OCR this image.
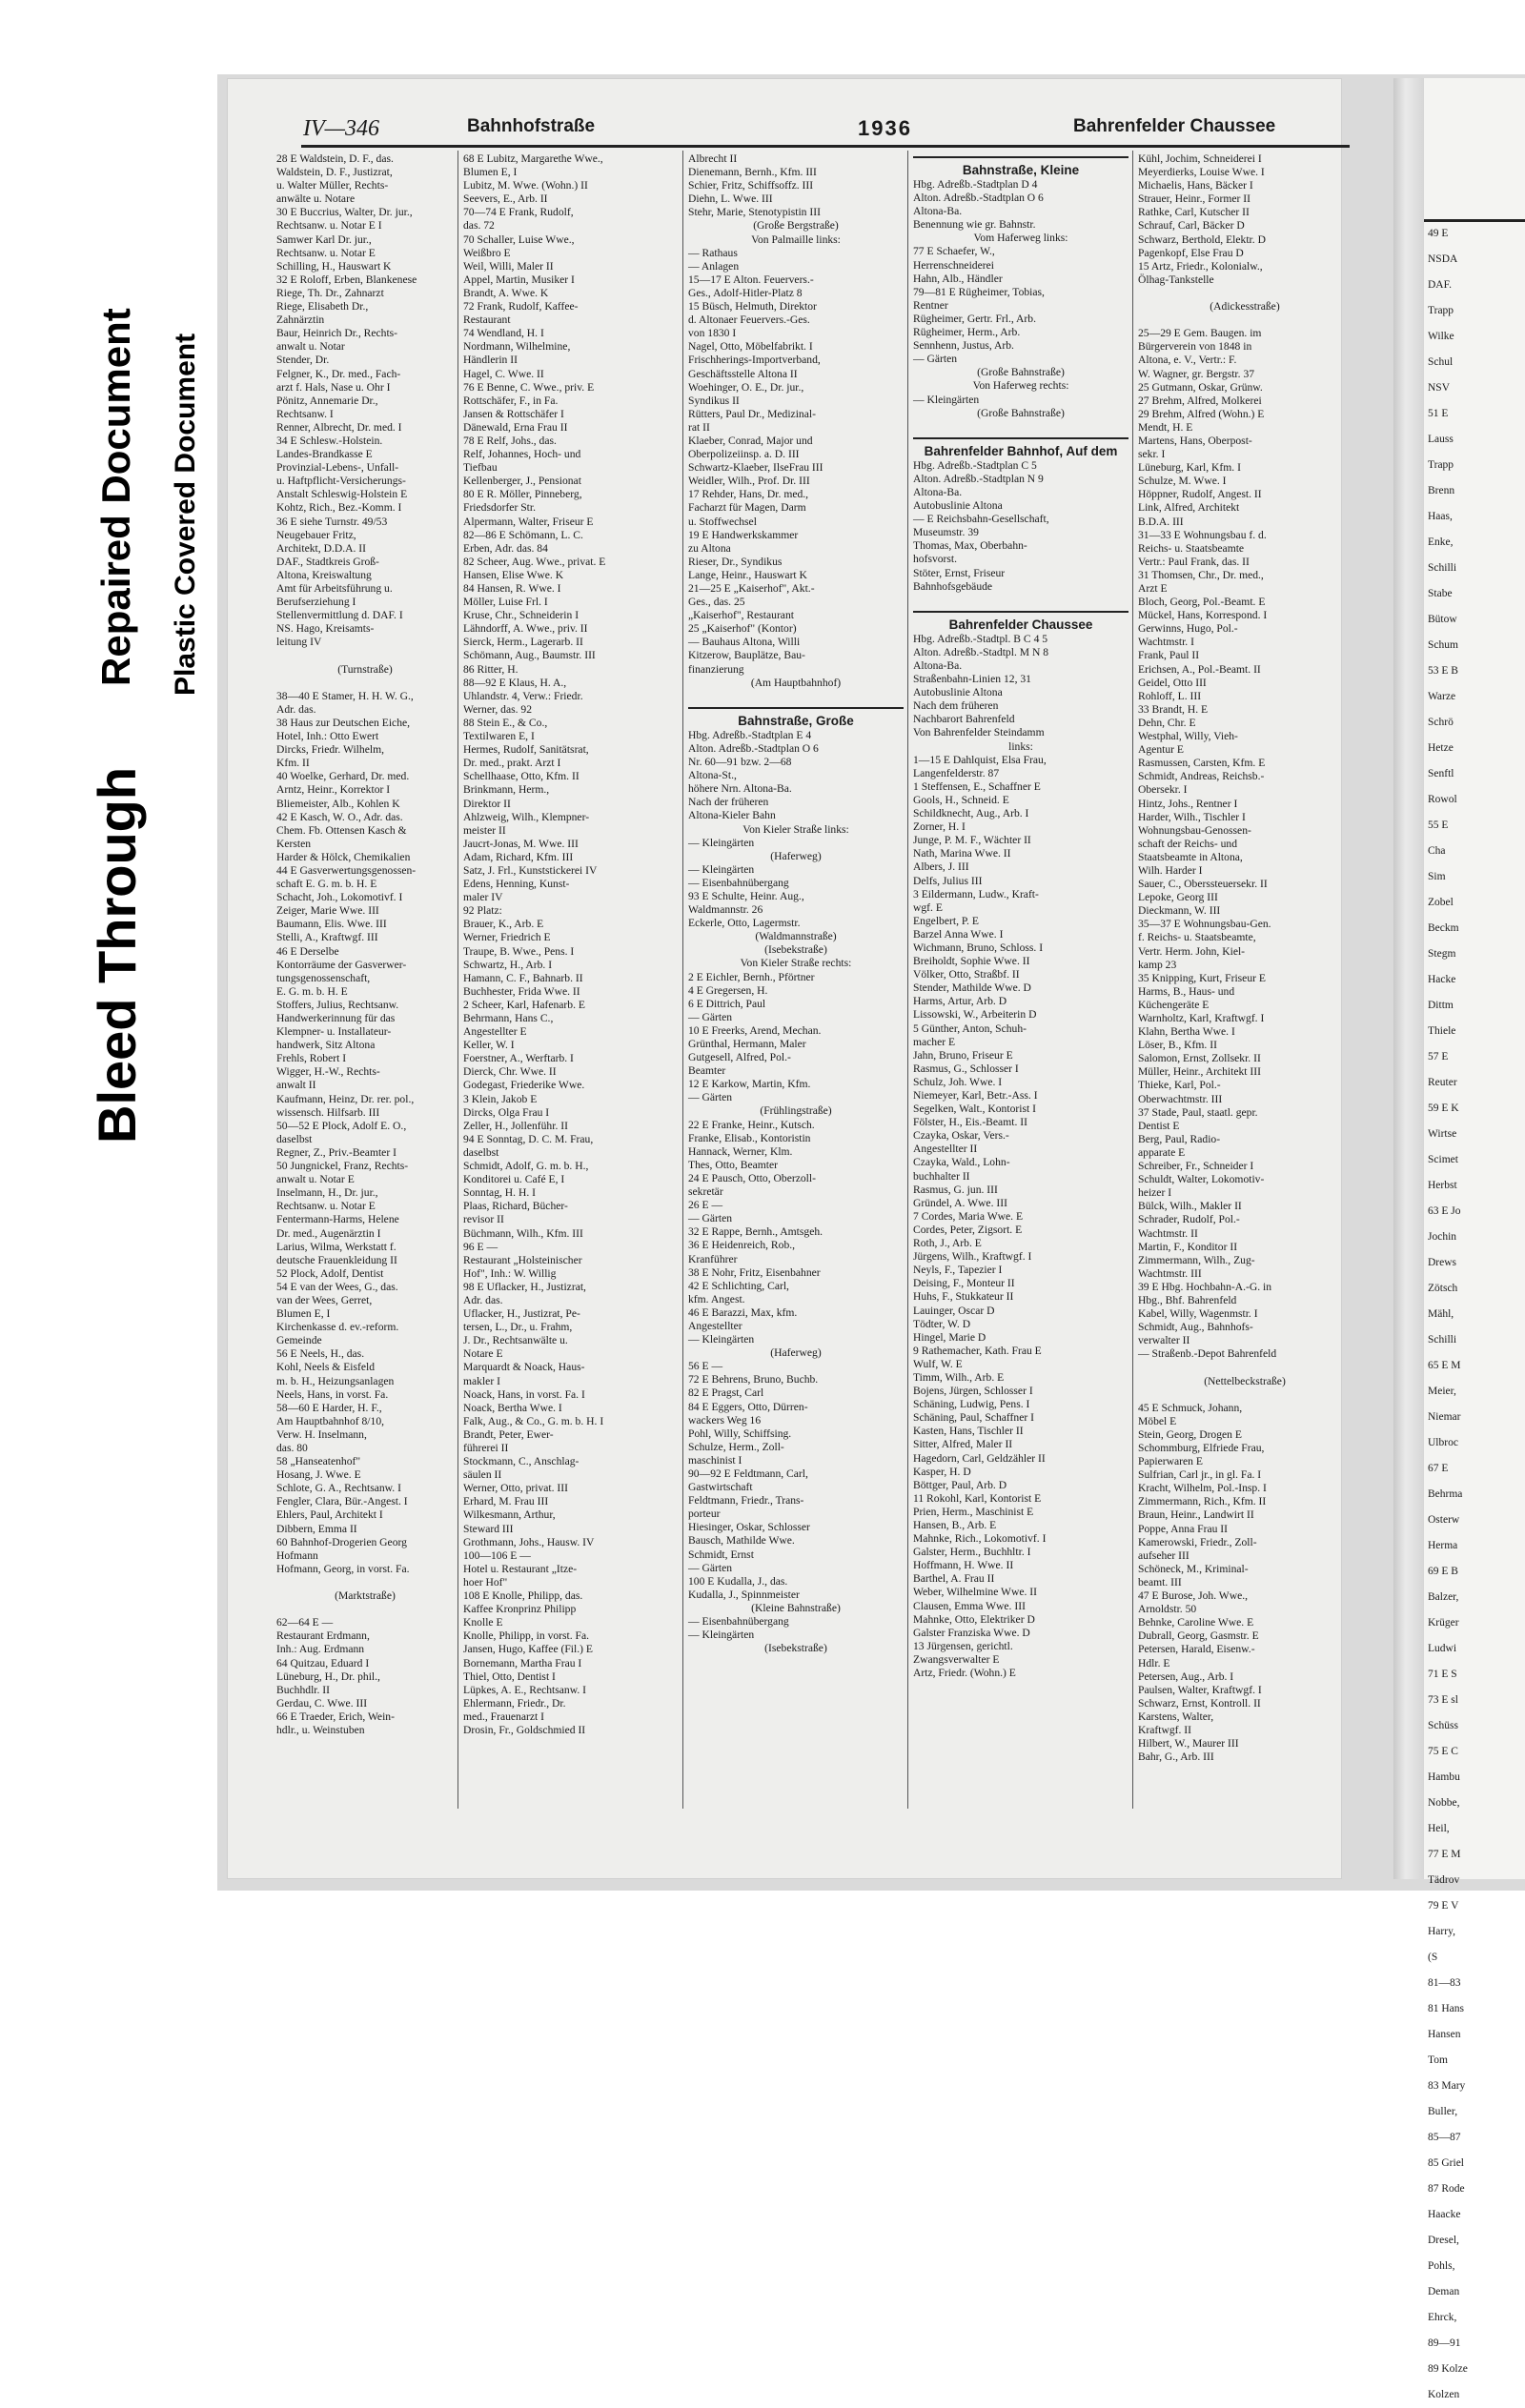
Bleed Through
Repaired Document Plastic Covered Document
49 E
NSDA
DAF.
Trapp
Wilke
Schul
NSV
51 E
Lauss
Trapp
Brenn
Haas,
Enke,
Schilli
Stabe
Bütow
Schum
53 E B
Warze
Schrö
Hetze
Senftl
Rowol
55 E
Cha
Sim
Zobel
Beckm
Stegm
Hacke
Dittm
Thiele
57 E
Reuter
59 E K
Wirtse
Scimet
Herbst
63 E Jo
Jochin
Drews
Zötsch
Mähl,
Schilli
65 E M
Meier,
Niemar
Ulbroc
67 E
Behrma
Osterw
Herma
69 E B
Balzer,
Krüger
Ludwi
71 E S
73 E sl
Schüss
75 E C
Hambu
Nobbe,
Heil,
77 E M
Tädrov
79 E V
Harry,
(S
81—83
81 Hans
Hansen
Tom
83 Mary
Buller,
85—87
85 Griel
87 Rode
Haacke
Dresel,
Pohls,
Deman
Ehrck,
89—91
89 Kolze
Kolzen
IV—346	Bahnhofstraße	1936	Bahrenfelder Chaussee
28 E Waldstein, D. F., das.
Waldstein, D. F., Justizrat,
u. Walter Müller, Rechts-
anwälte u. Notare
30 E Buccrius, Walter, Dr. jur.,
Rechtsanw. u. Notar E I
Samwer Karl Dr. jur.,
Rechtsanw. u. Notar E
Schilling, H., Hauswart K
32 E Roloff, Erben, Blankenese
Riege, Th. Dr., Zahnarzt
Riege, Elisabeth Dr.,
Zahnärztin
Baur, Heinrich Dr., Rechts-
anwalt u. Notar
Stender, Dr.
Felgner, K., Dr. med., Fach-
arzt f. Hals, Nase u. Ohr I
Pönitz, Annemarie Dr.,
Rechtsanw. I
Renner, Albrecht, Dr. med. I
34 E Schlesw.-Holstein.
Landes-Brandkasse E
Provinzial-Lebens-, Unfall-
u. Haftpflicht-Versicherungs-
Anstalt Schleswig-Holstein E
Kohtz, Rich., Bez.-Komm. I
36 E siehe Turnstr. 49/53
Neugebauer Fritz,
Architekt, D.D.A. II
DAF., Stadtkreis Groß-
Altona, Kreiswaltung
Amt für Arbeitsführung u.
Berufserziehung I
Stellenvermittlung d. DAF. I
NS. Hago, Kreisamts-
leitung IV

(Turnstraße)

38—40 E Stamer, H. H. W. G.,
Adr. das.
38 Haus zur Deutschen Eiche,
Hotel, Inh.: Otto Ewert
Dircks, Friedr. Wilhelm,
Kfm. II
40 Woelke, Gerhard, Dr. med.
Arntz, Heinr., Korrektor I
Bliemeister, Alb., Kohlen K
42 E Kasch, W. O., Adr. das.
Chem. Fb. Ottensen Kasch &
Kersten
Harder & Hölck, Chemikalien
44 E Gasverwertungsgenossen-
schaft E. G. m. b. H. E
Schacht, Joh., Lokomotivf. I
Zeiger, Marie Wwe. III
Baumann, Elis. Wwe. III
Stelli, A., Kraftwgf. III
46 E Derselbe
Kontorräume der Gasverwer-
tungsgenossenschaft,
E. G. m. b. H. E
Stoffers, Julius, Rechtsanw.
Handwerkerinnung für das
Klempner- u. Installateur-
handwerk, Sitz Altona
Frehls, Robert I
Wigger, H.-W., Rechts-
anwalt II
Kaufmann, Heinz, Dr. rer. pol.,
wissensch. Hilfsarb. III
50—52 E Plock, Adolf E. O.,
daselbst
Regner, Z., Priv.-Beamter I
50 Jungnickel, Franz, Rechts-
anwalt u. Notar E
Inselmann, H., Dr. jur.,
Rechtsanw. u. Notar E
Fentermann-Harms, Helene
Dr. med., Augenärztin I
Larius, Wilma, Werkstatt f.
deutsche Frauenkleidung II
52 Plock, Adolf, Dentist
54 E van der Wees, G., das.
van der Wees, Gerret,
Blumen E, I
Kirchenkasse d. ev.-reform.
Gemeinde
56 E Neels, H., das.
Kohl, Neels & Eisfeld
m. b. H., Heizungsanlagen
Neels, Hans, in vorst. Fa.
58—60 E Harder, H. F.,
Am Hauptbahnhof 8/10,
Verw. H. Inselmann,
das. 80
58 „Hanseatenhof"
Hosang, J. Wwe. E
Schlote, G. A., Rechtsanw. I
Fengler, Clara, Bür.-Angest. I
Ehlers, Paul, Architekt I
Dibbern, Emma II
60 Bahnhof-Drogerien Georg
Hofmann
Hofmann, Georg, in vorst. Fa.

(Marktstraße)

62—64 E —
Restaurant Erdmann,
Inh.: Aug. Erdmann
64 Quitzau, Eduard I
Lüneburg, H., Dr. phil.,
Buchhdlr. II
Gerdau, C. Wwe. III
66 E Traeder, Erich, Wein-
hdlr., u. Weinstuben
68 E Lubitz, Margarethe Wwe.,
Blumen E, I
Lubitz, M. Wwe. (Wohn.) II
Seevers, E., Arb. II
70—74 E Frank, Rudolf,
das. 72
70 Schaller, Luise Wwe.,
Weißbro E
Weil, Willi, Maler II
Appel, Martin, Musiker I
Brandt, A. Wwe. K
72 Frank, Rudolf, Kaffee-
Restaurant
74 Wendland, H. I
Nordmann, Wilhelmine,
Händlerin II
Hagel, C. Wwe. II
76 E Benne, C. Wwe., priv. E
Rottschäfer, F., in Fa.
Jansen & Rottschäfer I
Dänewald, Erna Frau II
78 E Relf, Johs., das.
Relf, Johannes, Hoch- und
Tiefbau
Kellenberger, J., Pensionat
80 E R. Möller, Pinneberg,
Friedsdorfer Str.
Alpermann, Walter, Friseur E
82—86 E Schömann, L. C.
Erben, Adr. das. 84
82 Scheer, Aug. Wwe., privat. E
Hansen, Elise Wwe. K
84 Hansen, R. Wwe. I
Möller, Luise Frl. I
Kruse, Chr., Schneiderin I
Lähndorff, A. Wwe., priv. II
Sierck, Herm., Lagerarb. II
Schömann, Aug., Baumstr. III
86 Ritter, H.
88—92 E Klaus, H. A.,
Uhlandstr. 4, Verw.: Friedr.
Werner, das. 92
88 Stein E., & Co.,
Textilwaren E, I
Hermes, Rudolf, Sanitätsrat,
Dr. med., prakt. Arzt I
Schellhaase, Otto, Kfm. II
Brinkmann, Herm.,
Direktor II
Ahlzweig, Wilh., Klempner-
meister II
Jaucrt-Jonas, M. Wwe. III
Adam, Richard, Kfm. III
Satz, J. Frl., Kunststickerei IV
Edens, Henning, Kunst-
maler IV
92 Platz:
Brauer, K., Arb. E
Werner, Friedrich E
Traupe, B. Wwe., Pens. I
Schwartz, H., Arb. I
Hamann, C. F., Bahnarb. II
Buchhester, Frida Wwe. II
2 Scheer, Karl, Hafenarb. E
Behrmann, Hans C.,
Angestellter E
Keller, W. I
Foerstner, A., Werftarb. I
Dierck, Chr. Wwe. II
Godegast, Friederike Wwe.
3 Klein, Jakob E
Dircks, Olga Frau I
Zeller, H., Jollenführ. II
94 E Sonntag, D. C. M. Frau,
daselbst
Schmidt, Adolf, G. m. b. H.,
Konditorei u. Café E, I
Sonntag, H. H. I
Plaas, Richard, Bücher-
revisor II
Büchmann, Wilh., Kfm. III
96 E —
Restaurant „Holsteinischer
Hof", Inh.: W. Willig
98 E Uflacker, H., Justizrat,
Adr. das.
Uflacker, H., Justizrat, Pe-
tersen, L., Dr., u. Frahm,
J. Dr., Rechtsanwälte u.
Notare E
Marquardt & Noack, Haus-
makler I
Noack, Hans, in vorst. Fa. I
Noack, Bertha Wwe. I
Falk, Aug., & Co., G. m. b. H. I
Brandt, Peter, Ewer-
führerei II
Stockmann, C., Anschlag-
säulen II
Werner, Otto, privat. III
Erhard, M. Frau III
Wilkesmann, Arthur,
Steward III
Grothmann, Johs., Hausw. IV
100—106 E —
Hotel u. Restaurant „Itze-
hoer Hof"
108 E Knolle, Philipp, das.
Kaffee Kronprinz Philipp
Knolle E
Knolle, Philipp, in vorst. Fa.
Jansen, Hugo, Kaffee (Fil.) E
Bornemann, Martha Frau I
Thiel, Otto, Dentist I
Lüpkes, A. E., Rechtsanw. I
Ehlermann, Friedr., Dr.
med., Frauenarzt I
Drosin, Fr., Goldschmied II
Albrecht II
Dienemann, Bernh., Kfm. III
Schier, Fritz, Schiffsoffz. III
Diehn, L. Wwe. III
Stehr, Marie, Stenotypistin III
(Große Bergstraße)
Von Palmaille links:
— Rathaus
— Anlagen
15—17 E Alton. Feuervers.-
Ges., Adolf-Hitler-Platz 8
15 Büsch, Helmuth, Direktor
d. Altonaer Feuervers.-Ges.
von 1830 I
Nagel, Otto, Möbelfabrikt. I
Frischherings-Importverband,
Geschäftsstelle Altona II
Woehinger, O. E., Dr. jur.,
Syndikus II
Rütters, Paul Dr., Medizinal-
rat II
Klaeber, Conrad, Major und
Oberpolizeiinsp. a. D. III
Schwartz-Klaeber, IlseFrau III
Weidler, Wilh., Prof. Dr. III
17 Rehder, Hans, Dr. med.,
Facharzt für Magen, Darm
u. Stoffwechsel
19 E Handwerkskammer
zu Altona
Rieser, Dr., Syndikus
Lange, Heinr., Hauswart K
21—25 E „Kaiserhof", Akt.-
Ges., das. 25
„Kaiserhof", Restaurant
25 „Kaiserhof" (Kontor)
— Bauhaus Altona, Willi
Kitzerow, Bauplätze, Bau-
finanzierung
(Am Hauptbahnhof)

Bahnstraße, Große
Hbg. Adreßb.-Stadtplan E 4
Alton. Adreßb.-Stadtplan O 6
Nr. 60—91 bzw. 2—68
Altona-St.,
höhere Nrn. Altona-Ba.
Nach der früheren
Altona-Kieler Bahn
Von Kieler Straße links:
— Kleingärten
(Haferweg)
— Kleingärten
— Eisenbahnübergang
93 E Schulte, Heinr. Aug.,
Waldmannstr. 26
Eckerle, Otto, Lagermstr.
(Waldmannstraße)
(Isebekstraße)
Von Kieler Straße rechts:
2 E Eichler, Bernh., Pförtner
4 E Gregersen, H.
6 E Dittrich, Paul
— Gärten
10 E Freerks, Arend, Mechan.
Grünthal, Hermann, Maler
Gutgesell, Alfred, Pol.-
Beamter
12 E Karkow, Martin, Kfm.
— Gärten
(Frühlingstraße)
22 E Franke, Heinr., Kutsch.
Franke, Elisab., Kontoristin
Hannack, Werner, Klm.
Thes, Otto, Beamter
24 E Pausch, Otto, Oberzoll-
sekretär
26 E —
— Gärten
32 E Rappe, Bernh., Amtsgeh.
36 E Heidenreich, Rob.,
Kranführer
38 E Nohr, Fritz, Eisenbahner
42 E Schlichting, Carl,
kfm. Angest.
46 E Barazzi, Max, kfm.
Angestellter
— Kleingärten
(Haferweg)
56 E —
72 E Behrens, Bruno, Buchb.
82 E Pragst, Carl
84 E Eggers, Otto, Dürren-
wackers Weg 16
Pohl, Willy, Schiffsing.
Schulze, Herm., Zoll-
maschinist I
90—92 E Feldtmann, Carl,
Gastwirtschaft
Feldtmann, Friedr., Trans-
porteur
Hiesinger, Oskar, Schlosser
Bausch, Mathilde Wwe.
Schmidt, Ernst
— Gärten
100 E Kudalla, J., das.
Kudalla, J., Spinnmeister
(Kleine Bahnstraße)
— Eisenbahnübergang
— Kleingärten
(Isebekstraße)
Bahnstraße, Kleine
Hbg. Adreßb.-Stadtplan D 4
Alton. Adreßb.-Stadtplan O 6
Altona-Ba.
Benennung wie gr. Bahnstr.
Vom Haferweg links:
77 E Schaefer, W.,
Herrenschneiderei
Hahn, Alb., Händler
79—81 E Rügheimer, Tobias,
Rentner
Rügheimer, Gertr. Frl., Arb.
Rügheimer, Herm., Arb.
Sennhenn, Justus, Arb.
— Gärten
(Große Bahnstraße)
Von Haferweg rechts:
— Kleingärten
(Große Bahnstraße)

Bahrenfelder Bahnhof, Auf dem
Hbg. Adreßb.-Stadtplan C 5
Alton. Adreßb.-Stadtplan N 9
Altona-Ba.
Autobuslinie Altona
— E Reichsbahn-Gesellschaft,
Museumstr. 39
Thomas, Max, Oberbahn-
hofsvorst.
Stöter, Ernst, Friseur
Bahnhofsgebäude

Bahrenfelder Chaussee
Hbg. Adreßb.-Stadtpl. B C 4 5
Alton. Adreßb.-Stadtpl. M N 8
Altona-Ba.
Straßenbahn-Linien 12, 31
Autobuslinie Altona
Nach dem früheren
Nachbarort Bahrenfeld
Von Bahrenfelder Steindamm
links:
1—15 E Dahlquist, Elsa Frau,
Langenfelderstr. 87
1 Steffensen, E., Schaffner E
Gools, H., Schneid. E
Schildknecht, Aug., Arb. I
Zorner, H. I
Junge, P. M. F., Wächter II
Nath, Marina Wwe. II
Albers, J. III
Delfs, Julius III
3 Eildermann, Ludw., Kraft-
wgf. E
Engelbert, P. E
Barzel Anna Wwe. I
Wichmann, Bruno, Schloss. I
Breiholdt, Sophie Wwe. II
Völker, Otto, Straßbf. II
Stender, Mathilde Wwe. D
Harms, Artur, Arb. D
Lissowski, W., Arbeiterin D
5 Günther, Anton, Schuh-
macher E
Jahn, Bruno, Friseur E
Rasmus, G., Schlosser I
Schulz, Joh. Wwe. I
Niemeyer, Karl, Betr.-Ass. I
Segelken, Walt., Kontorist I
Fölster, H., Eis.-Beamt. II
Czayka, Oskar, Vers.-
Angestellter II
Czayka, Wald., Lohn-
buchhalter II
Rasmus, G. jun. III
Gründel, A. Wwe. III
7 Cordes, Maria Wwe. E
Cordes, Peter, Zigsort. E
Roth, J., Arb. E
Jürgens, Wilh., Kraftwgf. I
Neyls, F., Tapezier I
Deising, F., Monteur II
Huhs, F., Stukkateur II
Lauinger, Oscar D
Tödter, W. D
Hingel, Marie D
9 Rathemacher, Kath. Frau E
Wulf, W. E
Timm, Wilh., Arb. E
Bojens, Jürgen, Schlosser I
Schäning, Ludwig, Pens. I
Schäning, Paul, Schaffner I
Kasten, Hans, Tischler II
Sitter, Alfred, Maler II
Hagedorn, Carl, Geldzähler II
Kasper, H. D
Böttger, Paul, Arb. D
11 Rokohl, Karl, Kontorist E
Prien, Herm., Maschinist E
Hansen, B., Arb. E
Mahnke, Rich., Lokomotivf. I
Galster, Herm., Buchhltr. I
Hoffmann, H. Wwe. II
Barthel, A. Frau II
Weber, Wilhelmine Wwe. II
Clausen, Emma Wwe. III
Mahnke, Otto, Elektriker D
Galster Franziska Wwe. D
13 Jürgensen, gerichtl.
Zwangsverwalter E
Artz, Friedr. (Wohn.) E
Kühl, Jochim, Schneiderei I
Meyerdierks, Louise Wwe. I
Michaelis, Hans, Bäcker I
Strauer, Heinr., Former II
Rathke, Carl, Kutscher II
Schrauf, Carl, Bäcker D
Schwarz, Berthold, Elektr. D
Pagenkopf, Else Frau D
15 Artz, Friedr., Kolonialw.,
Ölhag-Tankstelle

(Adickesstraße)

25—29 E Gem. Baugen. im
Bürgerverein von 1848 in
Altona, e. V., Vertr.: F.
W. Wagner, gr. Bergstr. 37
25 Gutmann, Oskar, Grünw.
27 Brehm, Alfred, Molkerei
29 Brehm, Alfred (Wohn.) E
Mendt, H. E
Martens, Hans, Oberpost-
sekr. I
Lüneburg, Karl, Kfm. I
Schulze, M. Wwe. I
Höppner, Rudolf, Angest. II
Link, Alfred, Architekt
B.D.A. III
31—33 E Wohnungsbau f. d.
Reichs- u. Staatsbeamte
Vertr.: Paul Frank, das. II
31 Thomsen, Chr., Dr. med.,
Arzt E
Bloch, Georg, Pol.-Beamt. E
Mückel, Hans, Korrespond. I
Gerwinns, Hugo, Pol.-
Wachtmstr. I
Frank, Paul II
Erichsen, A., Pol.-Beamt. II
Geidel, Otto III
Rohloff, L. III
33 Brandt, H. E
Dehn, Chr. E
Westphal, Willy, Vieh-
Agentur E
Rasmussen, Carsten, Kfm. E
Schmidt, Andreas, Reichsb.-
Obersekr. I
Hintz, Johs., Rentner I
Harder, Wilh., Tischler I
Wohnungsbau-Genossen-
schaft der Reichs- und
Staatsbeamte in Altona,
Wilh. Harder I
Sauer, C., Oberssteuersekr. II
Lepoke, Georg III
Dieckmann, W. III
35—37 E Wohnungsbau-Gen.
f. Reichs- u. Staatsbeamte,
Vertr. Herm. John, Kiel-
kamp 23
35 Knipping, Kurt, Friseur E
Harms, B., Haus- und
Küchengeräte E
Warnholtz, Karl, Kraftwgf. I
Klahn, Bertha Wwe. I
Löser, B., Kfm. II
Salomon, Ernst, Zollsekr. II
Müller, Heinr., Architekt III
Thieke, Karl, Pol.-
Oberwachtmstr. III
37 Stade, Paul, staatl. gepr.
Dentist E
Berg, Paul, Radio-
apparate E
Schreiber, Fr., Schneider I
Schuldt, Walter, Lokomotiv-
heizer I
Bülck, Wilh., Makler II
Schrader, Rudolf, Pol.-
Wachtmstr. II
Martin, F., Konditor II
Zimmermann, Wilh., Zug-
Wachtmstr. III
39 E Hbg. Hochbahn-A.-G. in
Hbg., Bhf. Bahrenfeld
Kabel, Willy, Wagenmstr. I
Schmidt, Aug., Bahnhofs-
verwalter II
— Straßenb.-Depot Bahrenfeld

(Nettelbeckstraße)

45 E Schmuck, Johann,
Möbel E
Stein, Georg, Drogen E
Schommburg, Elfriede Frau,
Papierwaren E
Sulfrian, Carl jr., in gl. Fa. I
Kracht, Wilhelm, Pol.-Insp. I
Zimmermann, Rich., Kfm. II
Braun, Heinr., Landwirt II
Poppe, Anna Frau II
Kamerowski, Friedr., Zoll-
aufseher III
Schöneck, M., Kriminal-
beamt. III
47 E Burose, Joh. Wwe.,
Arnoldstr. 50
Behnke, Caroline Wwe. E
Dubrall, Georg, Gasmstr. E
Petersen, Harald, Eisenw.-
Hdlr. E
Petersen, Aug., Arb. I
Paulsen, Walter, Kraftwgf. I
Schwarz, Ernst, Kontroll. II
Karstens, Walter,
Kraftwgf. II
Hilbert, W., Maurer III
Bahr, G., Arb. III
